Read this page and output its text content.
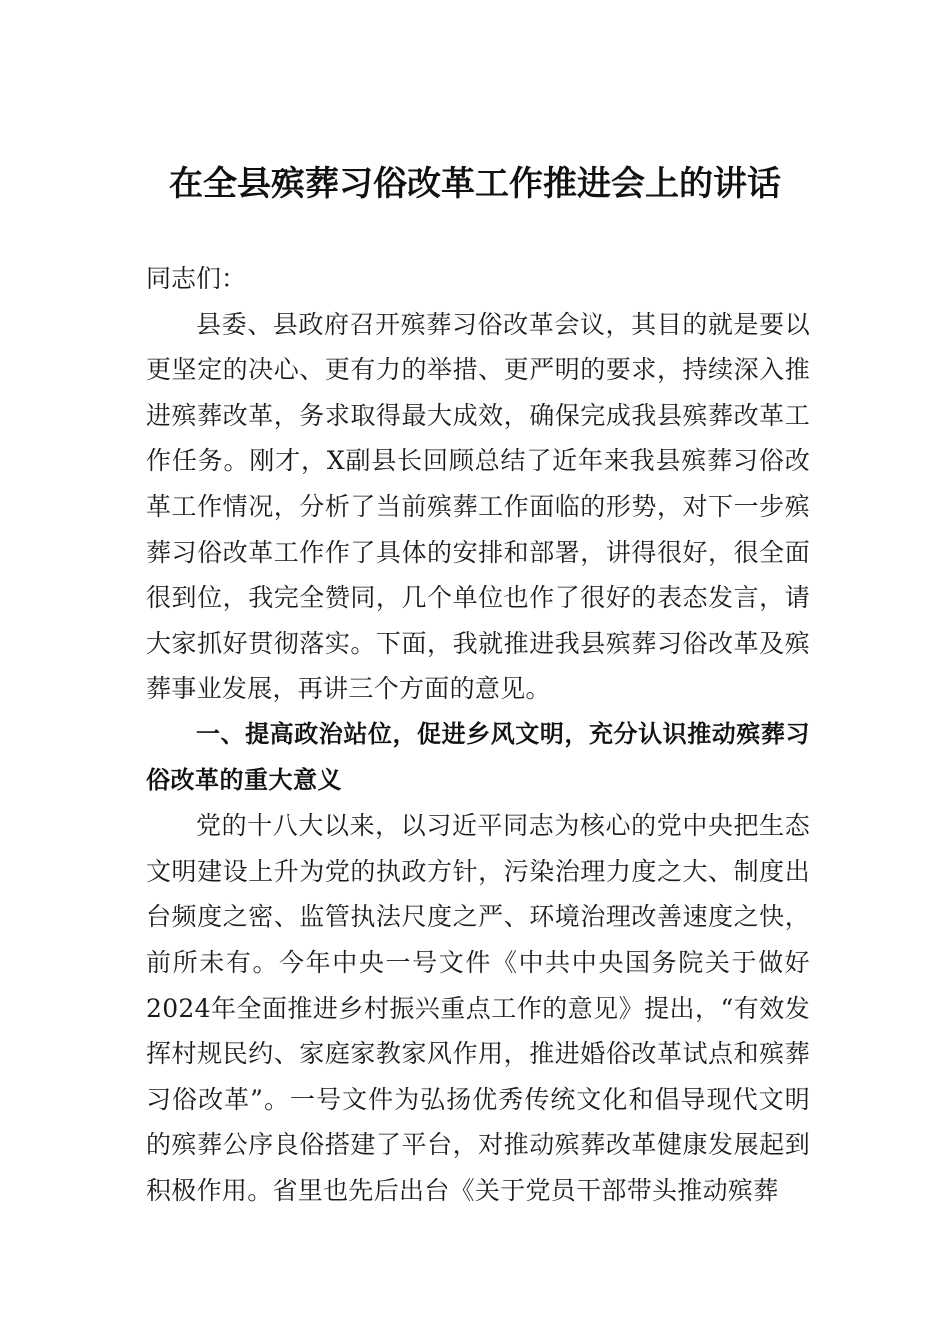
在全县殡葬习俗改革工作推进会上的讲话

同志们：

县委、县政府召开殡葬习俗改革会议，其目的就是要以更坚定的决心、更有力的举措、更严明的要求，持续深入推进殡葬改革，务求取得最大成效，确保完成我县殡葬改革工作任务。刚才，X副县长回顾总结了近年来我县殡葬习俗改革工作情况，分析了当前殡葬工作面临的形势，对下一步殡葬习俗改革工作作了具体的安排和部署，讲得很好，很全面很到位，我完全赞同，几个单位也作了很好的表态发言，请大家抓好贯彻落实。下面，我就推进我县殡葬习俗改革及殡葬事业发展，再讲三个方面的意见。

一、提高政治站位，促进乡风文明，充分认识推动殡葬习俗改革的重大意义

党的十八大以来，以习近平同志为核心的党中央把生态文明建设上升为党的执政方针，污染治理力度之大、制度出台频度之密、监管执法尺度之严、环境治理改善速度之快，前所未有。今年中央一号文件《中共中央国务院关于做好2024年全面推进乡村振兴重点工作的意见》提出，“有效发挥村规民约、家庭家教家风作用，推进婚俗改革试点和殡葬习俗改革”。一号文件为弘扬优秀传统文化和倡导现代文明的殡葬公序良俗搭建了平台，对推动殡葬改革健康发展起到积极作用。省里也先后出台《关于党员干部带头推动殡葬
